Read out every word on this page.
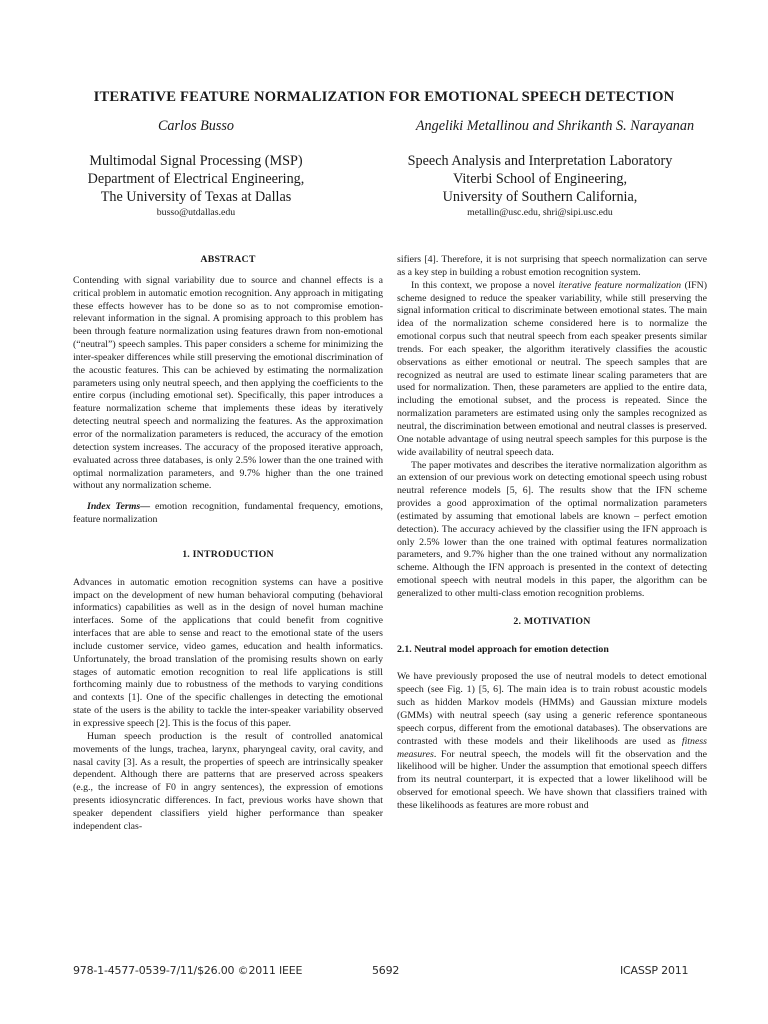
ITERATIVE FEATURE NORMALIZATION FOR EMOTIONAL SPEECH DETECTION
Carlos Busso	Angeliki Metallinou and Shrikanth S. Narayanan
Multimodal Signal Processing (MSP)
Department of Electrical Engineering,
The University of Texas at Dallas
Speech Analysis and Interpretation Laboratory
Viterbi School of Engineering,
University of Southern California,
busso@utdallas.edu	metallin@usc.edu, shri@sipi.usc.edu
ABSTRACT

Contending with signal variability due to source and channel effects is a critical problem in automatic emotion recognition. Any approach in mitigating these effects however has to be done so as to not compromise emotion-relevant information in the signal. A promising approach to this problem has been through feature normalization using features drawn from non-emotional (“neutral”) speech samples. This paper considers a scheme for minimizing the inter-speaker differences while still preserving the emotional discrimination of the acoustic features. This can be achieved by estimating the normalization parameters using only neutral speech, and then applying the coefficients to the entire corpus (including emotional set). Specifically, this paper introduces a feature normalization scheme that implements these ideas by iteratively detecting neutral speech and normalizing the features. As the approximation error of the normalization parameters is reduced, the accuracy of the emotion detection system increases. The accuracy of the proposed iterative approach, evaluated across three databases, is only 2.5% lower than the one trained with optimal normalization parameters, and 9.7% higher than the one trained without any normalization scheme.

Index Terms— emotion recognition, fundamental frequency, emotions, feature normalization

1. INTRODUCTION

Advances in automatic emotion recognition systems can have a positive impact on the development of new human behavioral computing (behavioral informatics) capabilities as well as in the design of novel human machine interfaces. Some of the applications that could benefit from cognitive interfaces that are able to sense and react to the emotional state of the users include customer service, video games, education and health informatics. Unfortunately, the broad translation of the promising results shown on early stages of automatic emotion recognition to real life applications is still forthcoming mainly due to robustness of the methods to varying conditions and contexts [1]. One of the specific challenges in detecting the emotional state of the users is the ability to tackle the inter-speaker variability observed in expressive speech [2]. This is the focus of this paper.

Human speech production is the result of controlled anatomical movements of the lungs, trachea, larynx, pharyngeal cavity, oral cavity, and nasal cavity [3]. As a result, the properties of speech are intrinsically speaker dependent. Although there are patterns that are preserved across speakers (e.g., the increase of F0 in angry sentences), the expression of emotions presents idiosyncratic differences. In fact, previous works have shown that speaker dependent classifiers yield higher performance than speaker independent clas-

sifiers [4]. Therefore, it is not surprising that speech normalization can serve as a key step in building a robust emotion recognition system.

In this context, we propose a novel iterative feature normalization (IFN) scheme designed to reduce the speaker variability, while still preserving the signal information critical to discriminate between emotional states. The main idea of the normalization scheme considered here is to normalize the emotional corpus such that neutral speech from each speaker presents similar trends. For each speaker, the algorithm iteratively classifies the acoustic observations as either emotional or neutral. The speech samples that are recognized as neutral are used to estimate linear scaling parameters that are used for normalization. Then, these parameters are applied to the entire data, including the emotional subset, and the process is repeated. Since the normalization parameters are estimated using only the samples recognized as neutral, the discrimination between emotional and neutral classes is preserved. One notable advantage of using neutral speech samples for this purpose is the wide availability of neutral speech data.

The paper motivates and describes the iterative normalization algorithm as an extension of our previous work on detecting emotional speech using robust neutral reference models [5, 6]. The results show that the IFN scheme provides a good approximation of the optimal normalization parameters (estimated by assuming that emotional labels are known – perfect emotion detection). The accuracy achieved by the classifier using the IFN approach is only 2.5% lower than the one trained with optimal features normalization parameters, and 9.7% higher than the one trained without any normalization scheme. Although the IFN approach is presented in the context of detecting emotional speech with neutral models in this paper, the algorithm can be generalized to other multi-class emotion recognition problems.

2. MOTIVATION
2.1. Neutral model approach for emotion detection

We have previously proposed the use of neutral models to detect emotional speech (see Fig. 1) [5, 6]. The main idea is to train robust acoustic models such as hidden Markov models (HMMs) and Gaussian mixture models (GMMs) with neutral speech (say using a generic reference spontaneous speech corpus, different from the emotional databases). The observations are contrasted with these models and their likelihoods are used as fitness measures. For neutral speech, the models will fit the observation and the likelihood will be higher. Under the assumption that emotional speech differs from its neutral counterpart, it is expected that a lower likelihood will be observed for emotional speech. We have shown that classifiers trained with these likelihoods as features are more robust and

978-1-4577-0539-7/11/$26.00 ©2011 IEEE	5692	ICASSP 2011
